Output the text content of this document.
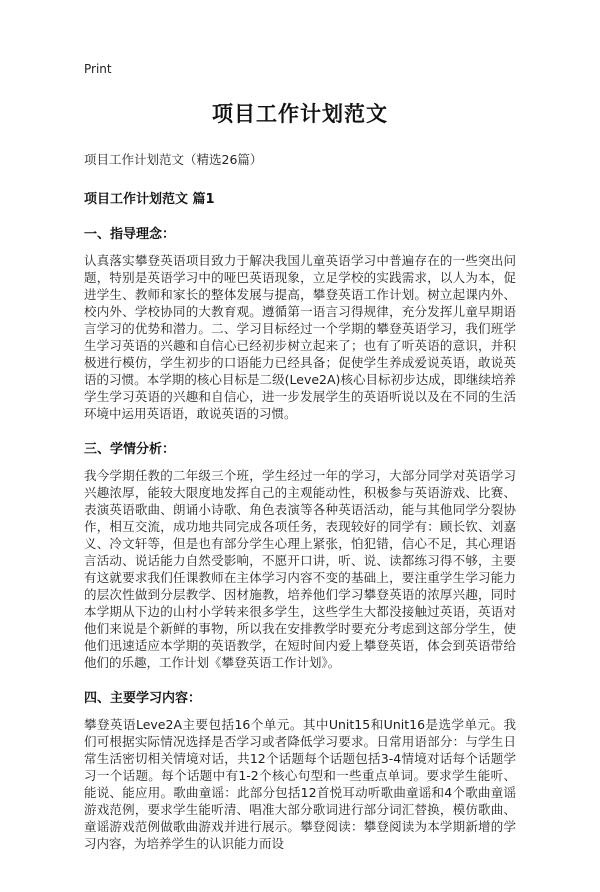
Print
项目工作计划范文
项目工作计划范文（精选26篇）
项目工作计划范文 篇1
一、指导理念：

认真落实攀登英语项目致力于解决我国儿童英语学习中普遍存在的一些突出问题，特别是英语学习中的哑巴英语现象，立足学校的实践需求，以人为本，促进学生、教师和家长的整体发展与提高，攀登英语工作计划。树立起课内外、校内外、学校协同的大教育观。遵循第一语言习得规律，充分发挥儿童早期语言学习的优势和潜力。二、学习目标经过一个学期的攀登英语学习，我们班学生学习英语的兴趣和自信心已经初步树立起来了；也有了听英语的意识，并积极进行模仿，学生初步的口语能力已经具备；促使学生养成爱说英语，敢说英语的习惯。本学期的核心目标是二级(Leve2A)核心目标初步达成，即继续培养学生学习英语的兴趣和自信心，进一步发展学生的英语听说以及在不同的生活环境中运用英语语，敢说英语的习惯。

三、学情分析：

我今学期任教的二年级三个班，学生经过一年的学习，大部分同学对英语学习兴趣浓厚，能较大限度地发挥自己的主观能动性，积极参与英语游戏、比赛、表演英语歌曲、朗诵小诗歌、角色表演等各种英语活动，能与其他同学分裂协作，相互交流，成功地共同完成各项任务，表现较好的同学有：顾长钦、刘嘉义、冷文轩等，但是也有部分学生心理上紧张，怕犯错，信心不足，其心理语言活动、说话能力自然受影响，不愿开口讲，听、说、读都练习得不够，主要有这就要求我们任课教师在主体学习内容不变的基础上，要注重学生学习能力的层次性做到分层教学、因材施教，培养他们学习攀登英语的浓厚兴趣，同时本学期从下边的山村小学转来很多学生，这些学生大都没接触过英语，英语对他们来说是个新鲜的事物，所以我在安排教学时要充分考虑到这部分学生，使他们迅速适应本学期的英语教学，在短时间内爱上攀登英语，体会到英语带给他们的乐趣，工作计划《攀登英语工作计划》。

四、主要学习内容：

攀登英语Leve2A主要包括16个单元。其中Unit15和Unit16是选学单元。我们可根据实际情况选择是否学习或者降低学习要求。日常用语部分：与学生日常生活密切相关情境对话，共12个话题每个话题包括3-4情境对话每个话题学习一个话题。每个话题中有1-2个核心句型和一些重点单词。要求学生能听、能说、能应用。歌曲童谣：此部分包括12首悦耳动听歌曲童谣和4个歌曲童谣游戏范例，要求学生能听清、唱准大部分歌词进行部分词汇替换，模仿歌曲、童谣游戏范例做歌曲游戏并进行展示。攀登阅读：攀登阅读为本学期新增的学习内容，为培养学生的认识能力而设
